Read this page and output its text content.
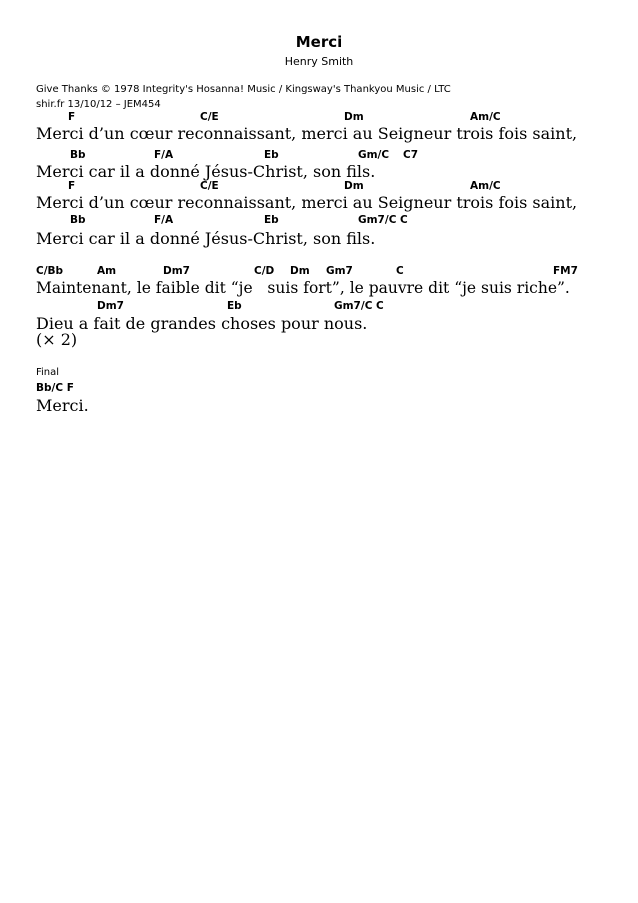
Merci
Henry Smith
Give Thanks © 1978 Integrity's Hosanna! Music / Kingsway's Thankyou Music / LTC
shir.fr 13/10/12 – JEM454
F	C/E	Dm	Am/C
Merci d’un cœur reconnaissant, merci au Seigneur trois fois saint,
Bb	F/A	Eb	Gm/C C7
Merci car il a donné Jésus-Christ, son fils.
F	C/E	Dm	Am/C
Merci d’un cœur reconnaissant, merci au Seigneur trois fois saint,
Bb	F/A	Eb	Gm7/C C
Merci car il a donné Jésus-Christ, son fils.
C/Bb	Am	Dm7	C/D Dm Gm7	C	FM7
Maintenant, le faible dit “je   suis fort”, le pauvre dit “je suis riche”.
Dm7	Eb	Gm7/C C
Dieu a fait de grandes choses pour nous.
(× 2)
Final
Bb/C F
Merci.
